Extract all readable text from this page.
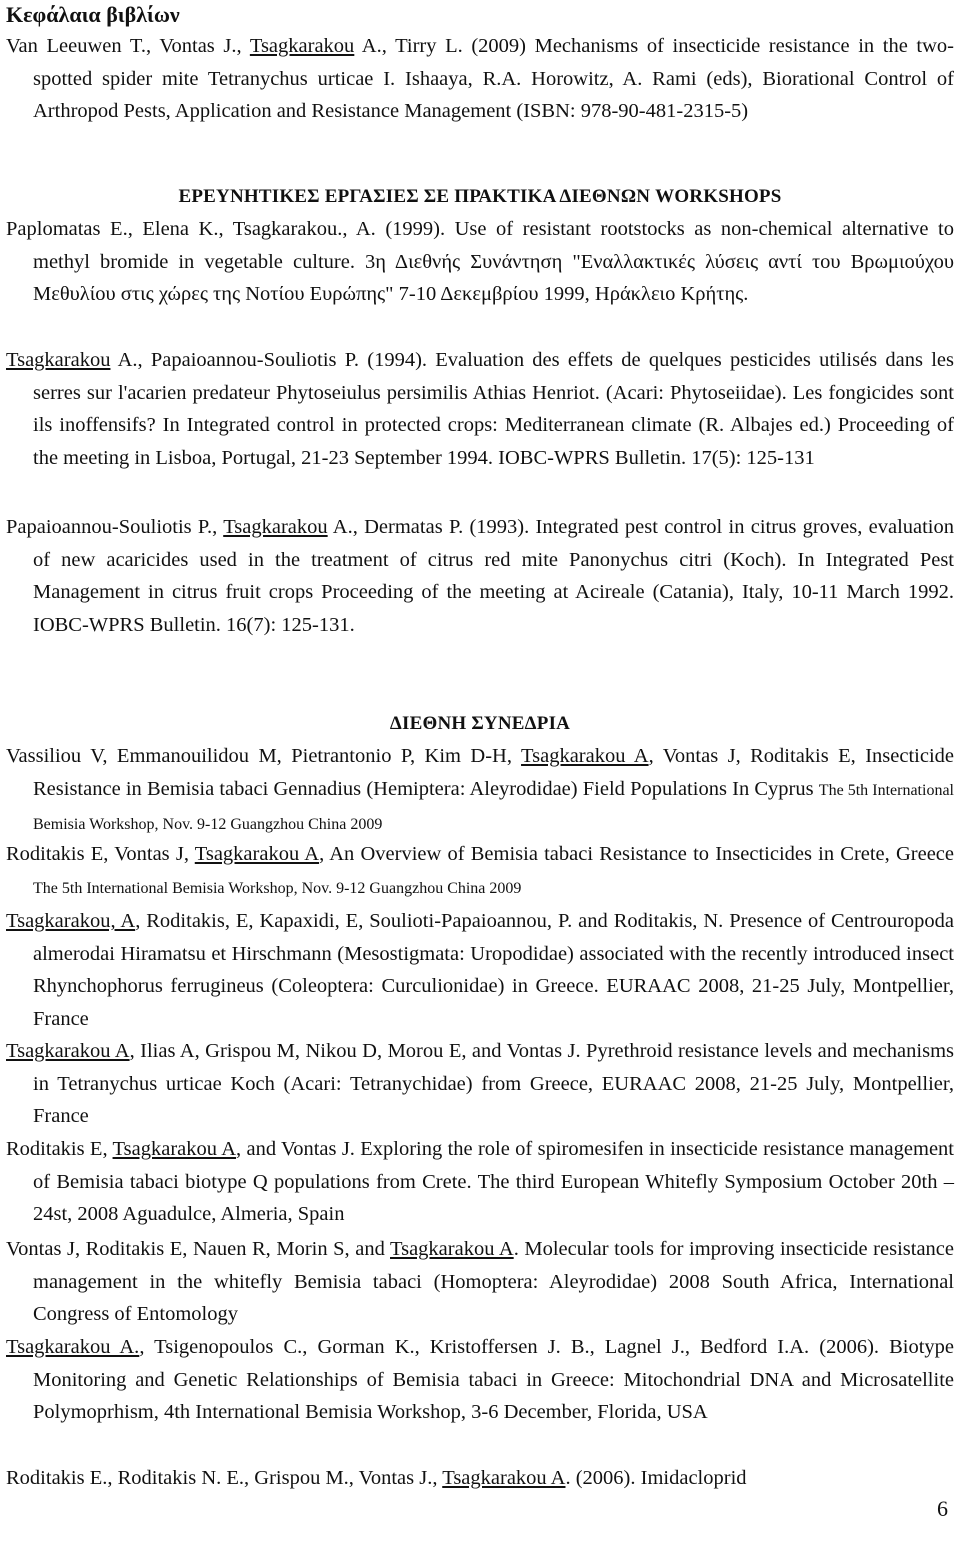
Κεφάλαια βιβλίων

Van Leeuwen T., Vontas J., Tsagkarakou A., Tirry L. (2009) Mechanisms of insecticide resistance in the two-spotted spider mite Tetranychus urticae I. Ishaaya, R.A. Horowitz, A. Rami (eds), Biorational Control of Arthropod Pests, Application and Resistance Management (ISBN: 978-90-481-2315-5)

ΕΡΕΥΝΗΤΙΚΕΣ ΕΡΓΑΣΙΕΣ ΣΕ ΠΡΑΚΤΙΚΑ ΔΙΕΘΝΩΝ WORKSHOPS

Paplomatas E., Elena K., Tsagkarakou., A. (1999). Use of resistant rootstocks as non-chemical alternative to methyl bromide in vegetable culture. 3η Διεθνής Συνάντηση "Εναλλακτικές λύσεις αντί του Βρωμιούχου Μεθυλίου στις χώρες της Νοτίου Ευρώπης" 7-10 Δεκεμβρίου 1999, Ηράκλειο Κρήτης.

Tsagkarakou A., Papaioannou-Souliotis P. (1994). Evaluation des effets de quelques pesticides utilisés dans les serres sur l'acarien predateur Phytoseiulus persimilis Athias Henriot. (Acari: Phytoseiidae). Les fongicides sont ils inoffensifs? In Integrated control in protected crops: Mediterranean climate (R. Albajes ed.) Proceeding of the meeting in Lisboa, Portugal, 21-23 September 1994. IOBC-WPRS Bulletin. 17(5): 125-131

Papaioannou-Souliotis P., Tsagkarakou A., Dermatas P. (1993). Integrated pest control in citrus groves, evaluation of new acaricides used in the treatment of citrus red mite Panonychus citri (Koch). In Integrated Pest Management in citrus fruit crops Proceeding of the meeting at Acireale (Catania), Italy, 10-11 March 1992. IOBC-WPRS Bulletin. 16(7): 125-131.

ΔΙΕΘΝΗ ΣΥΝΕΔΡΙΑ

Vassiliou V, Emmanouilidou M, Pietrantonio P, Kim D-H, Tsagkarakou A, Vontas J, Roditakis E, Insecticide Resistance in Bemisia tabaci Gennadius (Hemiptera: Aleyrodidae) Field Populations In Cyprus The 5th International Bemisia Workshop, Nov. 9-12 Guangzhou China 2009

Roditakis E, Vontas J, Tsagkarakou A, An Overview of Bemisia tabaci Resistance to Insecticides in Crete, Greece The 5th International Bemisia Workshop, Nov. 9-12 Guangzhou China 2009

Tsagkarakou, A, Roditakis, E, Kapaxidi, E, Soulioti-Papaioannou, P. and Roditakis, N. Presence of Centrouropoda almerodai Hiramatsu et Hirschmann (Mesostigmata: Uropodidae) associated with the recently introduced insect Rhynchophorus ferrugineus (Coleoptera: Curculionidae) in Greece. EURAAC 2008, 21-25 July, Montpellier, France

Tsagkarakou A, Ilias A, Grispou M, Nikou D, Morou E, and Vontas J. Pyrethroid resistance levels and mechanisms in Tetranychus urticae Koch (Acari: Tetranychidae) from Greece, EURAAC 2008, 21-25 July, Montpellier, France

Roditakis E, Tsagkarakou A, and Vontas J. Exploring the role of spiromesifen in insecticide resistance management of Bemisia tabaci biotype Q populations from Crete. The third European Whitefly Symposium October 20th – 24st, 2008 Aguadulce, Almeria, Spain

Vontas J, Roditakis E, Nauen R, Morin S, and Tsagkarakou A. Molecular tools for improving insecticide resistance management in the whitefly Bemisia tabaci (Homoptera: Aleyrodidae) 2008 South Africa, International Congress of Entomology

Tsagkarakou A., Tsigenopoulos C., Gorman K., Kristoffersen J. B., Lagnel J., Bedford I.A. (2006). Biotype Monitoring and Genetic Relationships of Bemisia tabaci in Greece: Mitochondrial DNA and Microsatellite Polymoprhism, 4th International Bemisia Workshop, 3-6 December, Florida, USA

Roditakis E., Roditakis N. E., Grispou M., Vontas J., Tsagkarakou A. (2006). Imidacloprid

6
